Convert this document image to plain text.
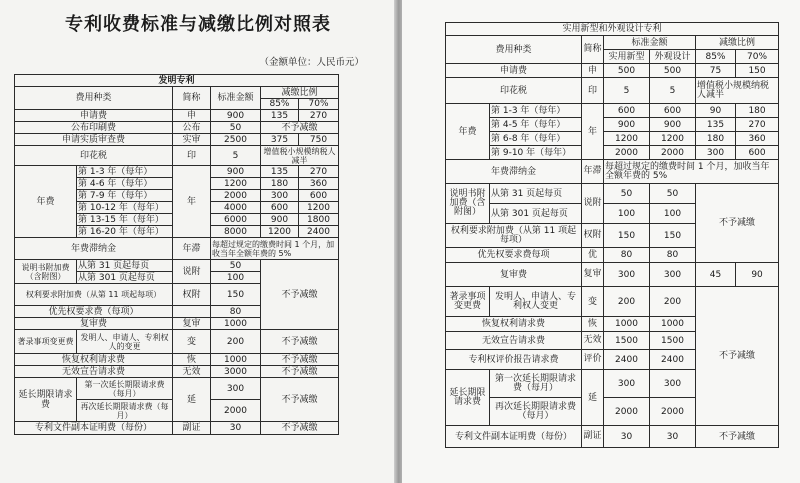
专利收费标准与减缴比例对照表
（金额单位：人民币元）
发明专利					
费用种类		简称	标准金额	减缴比例	
				85%	70%
申请费		申	900	135	270
公布印刷费		公布	50	不予减缴	
申请实质审查费		实审	2500	375	750
印花税		印	5	增值税小规模纳税人减半	
年费	第 1-3 年（每年）	年	900	135	270
	第 4-6 年（每年）		1200	180	360
	第 7-9 年（每年）		2000	300	600
	第 10-12 年（每年）		4000	600	1200
	第 13-15 年（每年）		6000	900	1800
	第 16-20 年（每年）		8000	1200	2400
年费滞纳金		年滞	每超过规定的缴费时间 1 个月，加收当年全额年费的 5%		
说明书附加费（含附图）	从第 31 页起每页	说附	50	不予减缴	
	从第 301 页起每页		100		
权利要求附加费（从第 11 项起每项）		权附	150		
优先权要求费（每项）			80		
复审费		复审	1000		
著录事项变更费	发明人、申请人、专利权人的变更	变	200	不予减缴	
恢复权利请求费		恢	1000	不予减缴	
无效宣告请求费		无效	3000	不予减缴	
延长期限请求费	第一次延长期限请求费（每月）	延	300	不予减缴	
	再次延长期限请求费（每月）		2000		
专利文件副本证明费（每份）		副证	30	不予减缴	
实用新型和外观设计专利						
费用种类		简称	标准金额		减缴比例	
			实用新型	外观设计	85%	70%
申请费		申	500	500	75	150
印花税		印	5	5	增值税小规模纳税人减半	
年费	第 1-3 年（每年）	年	600	600	90	180
	第 4-5 年（每年）		900	900	135	270
	第 6-8 年（每年）		1200	1200	180	360
	第 9-10 年（每年）		2000	2000	300	600
年费滞纳金		年滞	每超过规定的缴费时间 1 个月，加收当年全额年费的 5%			
说明书附加费（含附图）	从第 31 页起每页	说附	50	50	不予减缴	
	从第 301 页起每页		100	100		
权利要求附加费（从第 11 项起每项）		权附	150	150		
优先权要求费每项		优	80	80		
复审费		复审	300	300	45	90
著录事项变更费	发明人、申请人、专利权人变更	变	200	200	不予减缴	
恢复权利请求费		恢	1000	1000		
无效宣告请求费		无效	1500	1500		
专利权评价报告请求费		评价	2400	2400		
延长期限请求费	第一次延长期限请求费（每月）	延	300	300		
	再次延长期限请求费（每月）		2000	2000		
专利文件副本证明费（每份）		副证	30	30	不予减缴	
